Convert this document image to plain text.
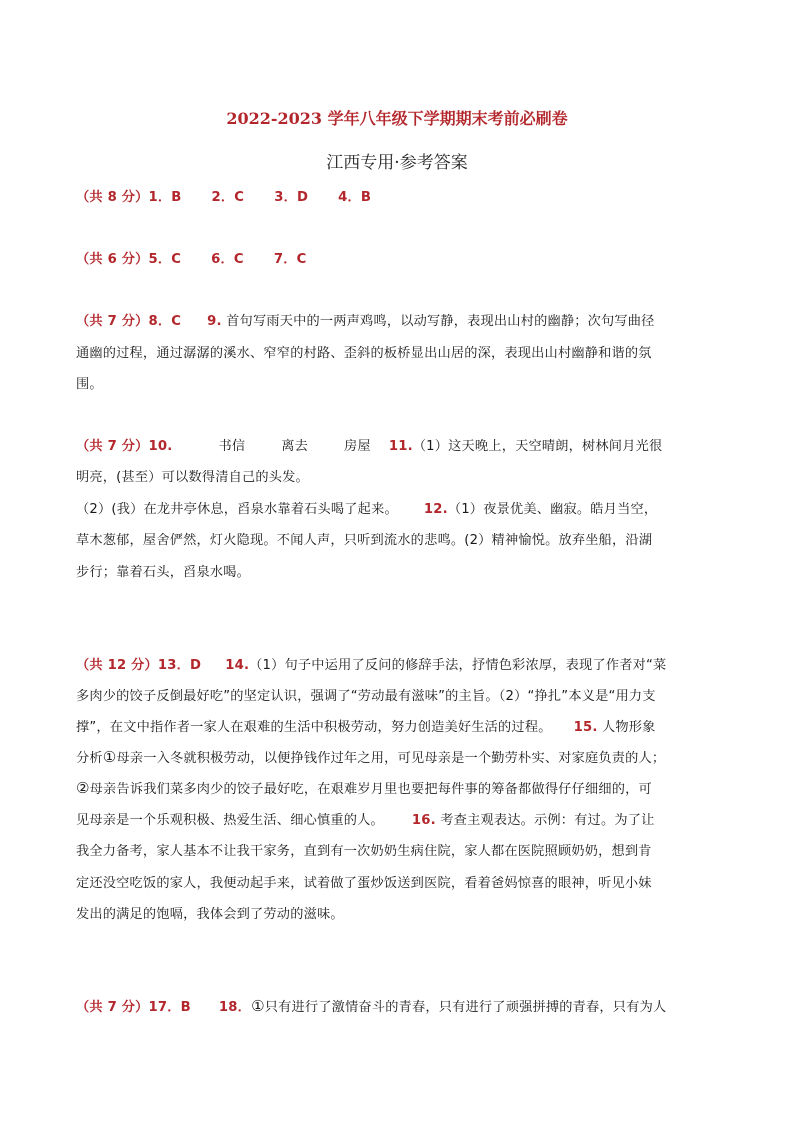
2022-2023 学年八年级下学期期末考前必刷卷
江西专用·参考答案
（共 8 分）1．B 2．C 3．D 4．B
（共 6 分）5．C 6．C 7．C
（共 7 分）8．C 9. 首句写雨天中的一两声鸡鸣，以动写静，表现出山村的幽静；次句写曲径
通幽的过程，通过潺潺的溪水、窄窄的村路、歪斜的板桥显出山居的深，表现出山村幽静和谐的氛
围。
（共 7 分）10.	书信	离去	房屋 11.（1）这天晚上，天空晴朗，树林间月光很
明亮，(甚至）可以数得清自己的头发。
（2）(我）在龙井亭休息，舀泉水靠着石头喝了起来。 12.（1）夜景优美、幽寂。皓月当空，
草木葱郁，屋舍俨然，灯火隐现。不闻人声，只听到流水的悲鸣。(2）精神愉悦。放弃坐船，沿湖
步行；靠着石头，舀泉水喝。
（共 12 分）13．D 14.（1）句子中运用了反问的修辞手法，抒情色彩浓厚，表现了作者对“菜
多肉少的饺子反倒最好吃”的坚定认识，强调了“劳动最有滋味”的主旨。（2）“挣扎”本义是“用力支
撑”，在文中指作者一家人在艰难的生活中积极劳动，努力创造美好生活的过程。 15. 人物形象
分析①母亲一入冬就积极劳动，以便挣钱作过年之用，可见母亲是一个勤劳朴实、对家庭负责的人；
②母亲告诉我们菜多肉少的饺子最好吃，在艰难岁月里也要把每件事的筹备都做得仔仔细细的，可
见母亲是一个乐观积极、热爱生活、细心慎重的人。 16. 考查主观表达。示例：有过。为了让
我全力备考，家人基本不让我干家务，直到有一次奶奶生病住院，家人都在医院照顾奶奶，想到肯
定还没空吃饭的家人，我便动起手来，试着做了蛋炒饭送到医院，看着爸妈惊喜的眼神，听见小妹
发出的满足的饱嗝，我体会到了劳动的滋味。
（共 7 分）17．B 18．①只有进行了激情奋斗的青春，只有进行了顽强拼搏的青春，只有为人
